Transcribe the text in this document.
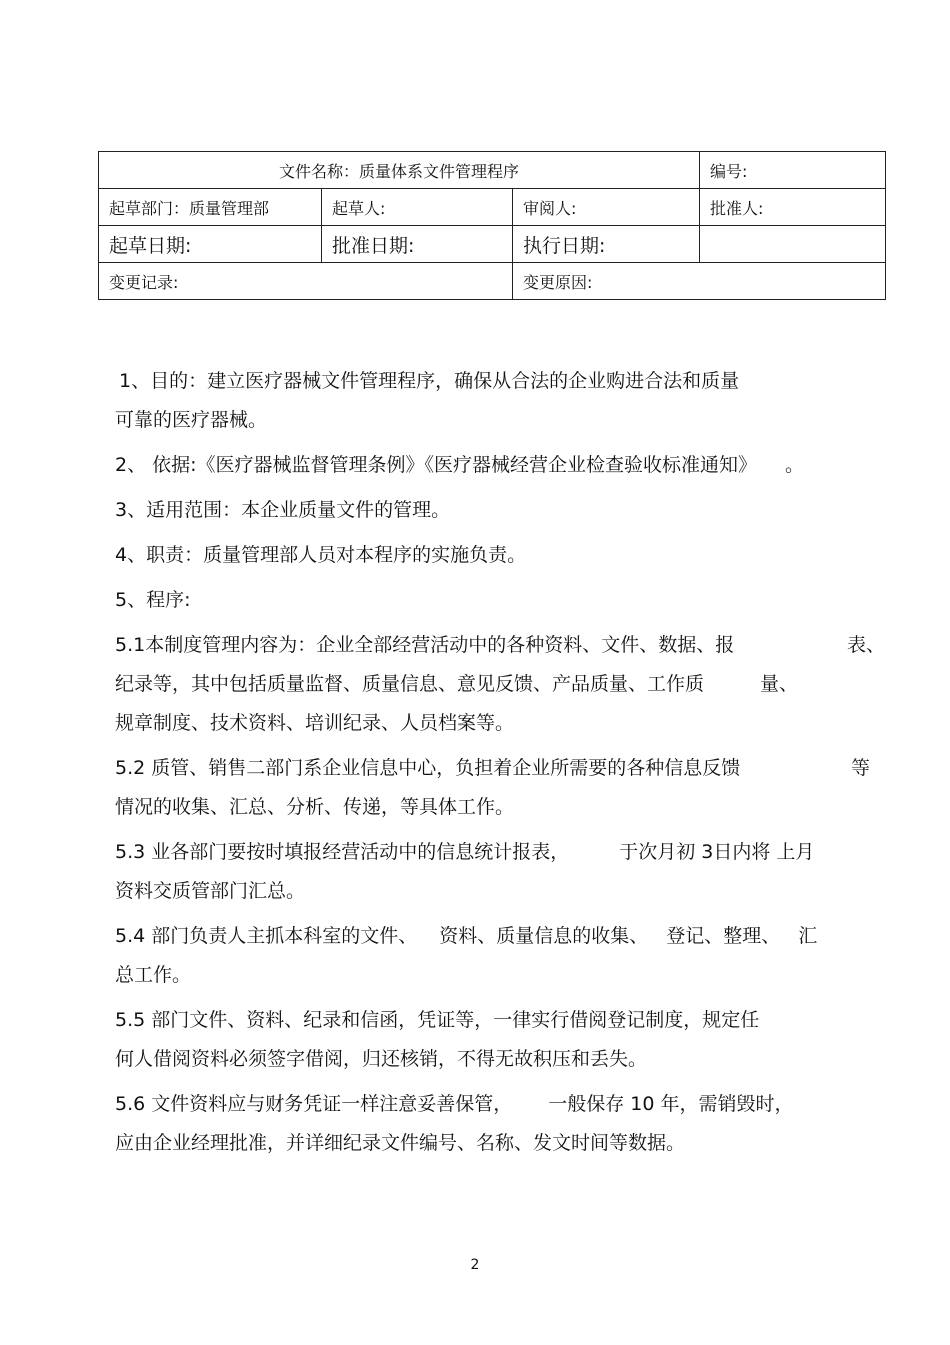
文件名称：质量体系文件管理程序			编号:
起草部门：质量管理部	起草人:	审阅人:	批准人:
起草日期:	批准日期:	执行日期:	
变更记录:		变更原因:	

1、目的：建立医疗器械文件管理程序，确保从合法的企业购进合法和质量
可靠的医疗器械。

2、 依据:《医疗器械监督管理条例》《医疗器械经营企业检查验收标准通知》 。

3、适用范围：本企业质量文件的管理。

4、职责：质量管理部人员对本程序的实施负责。

5、程序:

5.1本制度管理内容为：企业全部经营活动中的各种资料、文件、数据、报	表、
纪录等，其中包括质量监督、质量信息、意见反馈、产品质量、工作质	量、
规章制度、技术资料、培训纪录、人员档案等。
5.2 质管、销售二部门系企业信息中心，负担着企业所需要的各种信息反馈	等
情况的收集、汇总、分析、传递，等具体工作。
5.3 业各部门要按时填报经营活动中的信息统计报表，	于次月初 3日内将 上月
资料交质管部门汇总。
5.4 部门负责人主抓本科室的文件、 资料、质量信息的收集、 登记、整理、 汇
总工作。
5.5 部门文件、资料、纪录和信函，凭证等，一律实行借阅登记制度，规定任
何人借阅资料必须签字借阅，归还核销，不得无故积压和丢失。
5.6 文件资料应与财务凭证一样注意妥善保管， 一般保存 10 年，需销毁时，
应由企业经理批准，并详细纪录文件编号、名称、发文时间等数据。
2
